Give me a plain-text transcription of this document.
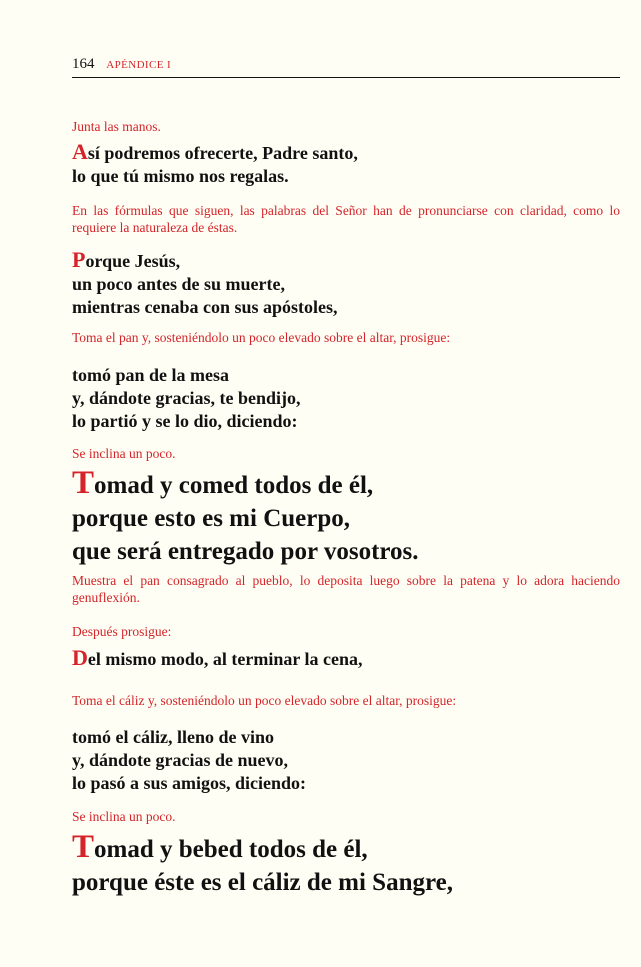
164 APÉNDICE I
Junta las manos.
Así podremos ofrecerte, Padre santo,
lo que tú mismo nos regalas.
En las fórmulas que siguen, las palabras del Señor han de pronunciarse con claridad, como lo requiere la naturaleza de éstas.
Porque Jesús,
un poco antes de su muerte,
mientras cenaba con sus apóstoles,
Toma el pan y, sosteniéndolo un poco elevado sobre el altar, prosigue:
tomó pan de la mesa
y, dándote gracias, te bendijo,
lo partió y se lo dio, diciendo:
Se inclina un poco.
Tomad y comed todos de él,
porque esto es mi Cuerpo,
que será entregado por vosotros.
Muestra el pan consagrado al pueblo, lo deposita luego sobre la patena y lo adora haciendo genuflexión.
Después prosigue:
Del mismo modo, al terminar la cena,
Toma el cáliz y, sosteniéndolo un poco elevado sobre el altar, prosigue:
tomó el cáliz, lleno de vino
y, dándote gracias de nuevo,
lo pasó a sus amigos, diciendo:
Se inclina un poco.
Tomad y bebed todos de él,
porque éste es el cáliz de mi Sangre,
